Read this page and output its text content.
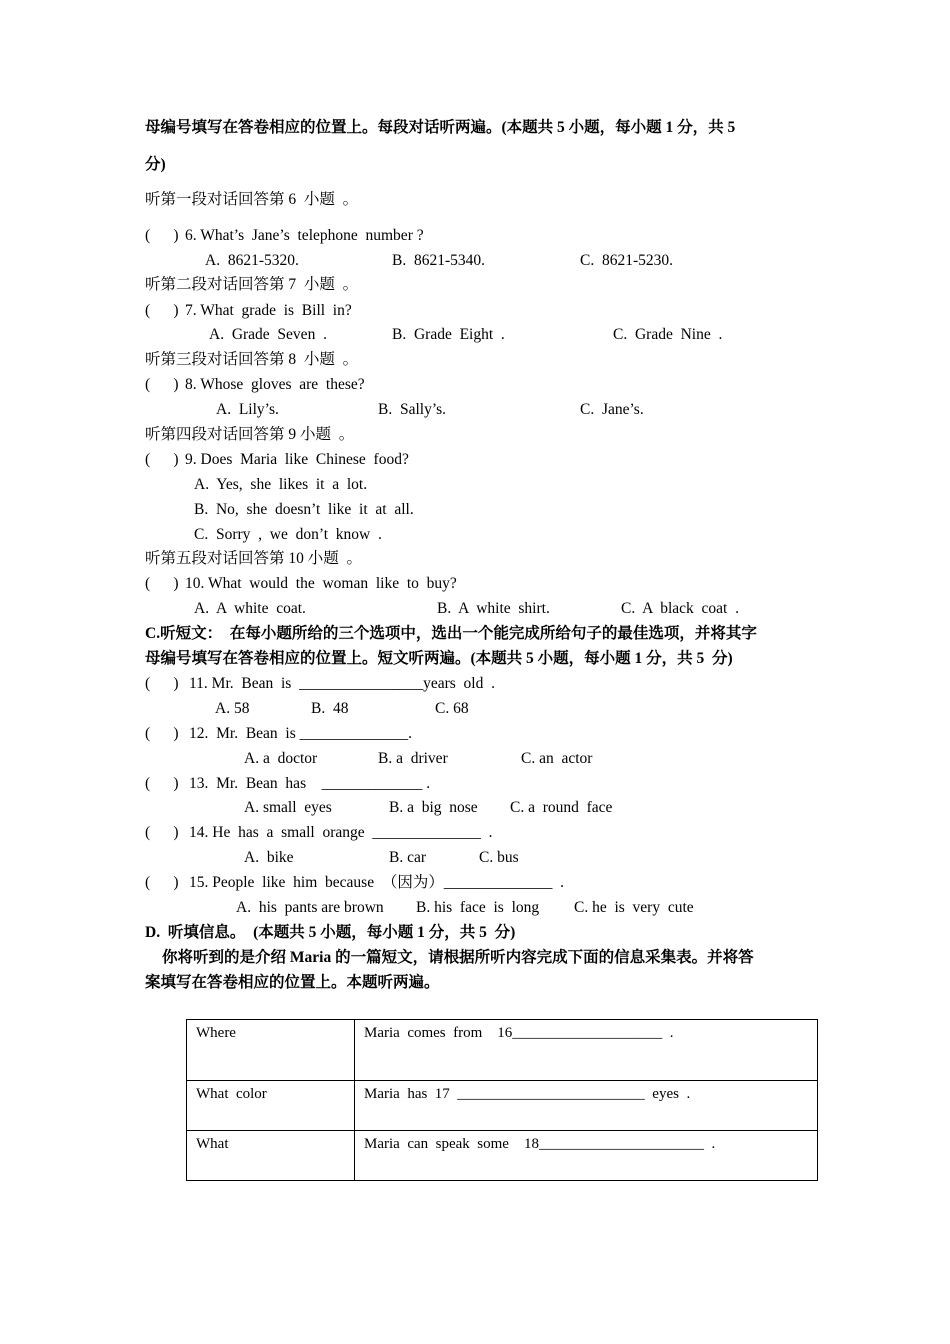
母编号填写在答卷相应的位置上。每段对话听两遍。(本题共 5 小题，每小题 1 分，共 5
分)
听第一段对话回答第 6  小题  。
(      ) 6. What’s  Jane’s  telephone  number ?
A.  8621-5320.	B.  8621-5340.	C.  8621-5230.
听第二段对话回答第 7  小题  。
(      ) 7. What  grade  is  Bill  in?
A.  Grade  Seven  .	B.  Grade  Eight  .	C.  Grade  Nine  .
听第三段对话回答第 8  小题  。
(      ) 8. Whose  gloves  are  these?
A.  Lily’s.	B.  Sally’s.	C.  Jane’s.
听第四段对话回答第 9 小题  。
(      ) 9. Does  Maria  like  Chinese  food?
A.  Yes,  she  likes  it  a  lot.
B.  No,  she  doesn’t  like  it  at  all.
C.  Sorry  ,  we  don’t  know  .
听第五段对话回答第 10 小题  。
(      ) 10. What  would  the  woman  like  to  buy?
A.  A  white  coat.	B.  A  white  shirt.	C.  A  black  coat  .
C.听短文：  在每小题所给的三个选项中，选出一个能完成所给句子的最佳选项，并将其字
母编号填写在答卷相应的位置上。短文听两遍。(本题共 5 小题，每小题 1 分，共 5  分)
(      ) 11. Mr.  Bean  is  ________________years  old  .
A. 58	B.  48	C. 68
(      ) 12.  Mr.  Bean  is ______________.
A. a  doctor	B. a  driver	C. an  actor
(      ) 13.  Mr.  Bean  has    _____________ .
A. small  eyes	B. a  big  nose C. a  round  face
(      ) 14. He  has  a  small  orange  ______________  .
A.  bike	B. car	C. bus
(      ) 15. People  like  him  because  （因为）______________  .
A.  his  pants are brown B. his  face  is  long C. he  is  very  cute
D.  听填信息。  (本题共 5 小题，每小题 1 分，共 5  分)
你将听到的是介绍 Maria 的一篇短文，请根据所听内容完成下面的信息采集表。并将答
案填写在答卷相应的位置上。本题听两遍。
Where	Maria  comes  from    16____________________  .
What  color	Maria  has  17  _________________________  eyes  .
What	Maria  can  speak  some    18______________________  .
